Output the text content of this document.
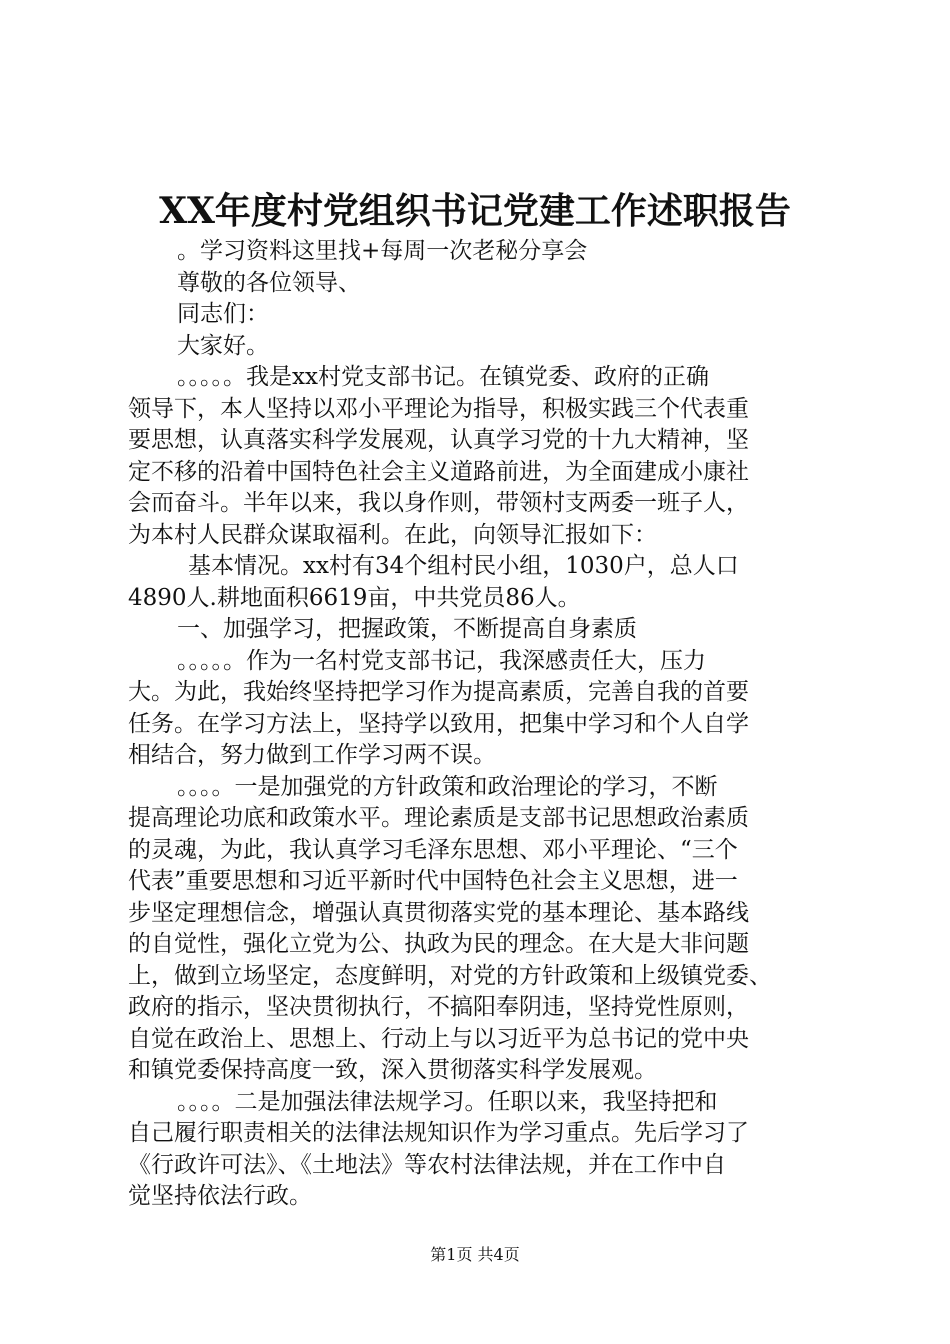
XX年度村党组织书记党建工作述职报告
。学习资料这里找+每周一次老秘分享会
尊敬的各位领导、
同志们：
大家好。
。。。。。我是xx村党支部书记。在镇党委、政府的正确
领导下，本人坚持以邓小平理论为指导，积极实践三个代表重
要思想，认真落实科学发展观，认真学习党的十九大精神，坚
定不移的沿着中国特色社会主义道路前进，为全面建成小康社
会而奋斗。半年以来，我以身作则，带领村支两委一班子人，
为本村人民群众谋取福利。在此，向领导汇报如下：
基本情况。xx村有34个组村民小组，1030户，总人口
4890人.耕地面积6619亩，中共党员86人。
一、加强学习，把握政策，不断提高自身素质
。。。。。作为一名村党支部书记，我深感责任大，压力
大。为此，我始终坚持把学习作为提高素质，完善自我的首要
任务。在学习方法上，坚持学以致用，把集中学习和个人自学
相结合，努力做到工作学习两不误。
。。。。一是加强党的方针政策和政治理论的学习，不断
提高理论功底和政策水平。理论素质是支部书记思想政治素质
的灵魂，为此，我认真学习毛泽东思想、邓小平理论、“三个
代表”重要思想和习近平新时代中国特色社会主义思想，进一
步坚定理想信念，增强认真贯彻落实党的基本理论、基本路线
的自觉性，强化立党为公、执政为民的理念。在大是大非问题
上，做到立场坚定，态度鲜明，对党的方针政策和上级镇党委、
政府的指示，坚决贯彻执行，不搞阳奉阴违，坚持党性原则，
自觉在政治上、思想上、行动上与以习近平为总书记的党中央
和镇党委保持高度一致，深入贯彻落实科学发展观。
。。。。二是加强法律法规学习。任职以来，我坚持把和
自己履行职责相关的法律法规知识作为学习重点。先后学习了
《行政许可法》、《土地法》等农村法律法规，并在工作中自
觉坚持依法行政。
第1页 共4页
